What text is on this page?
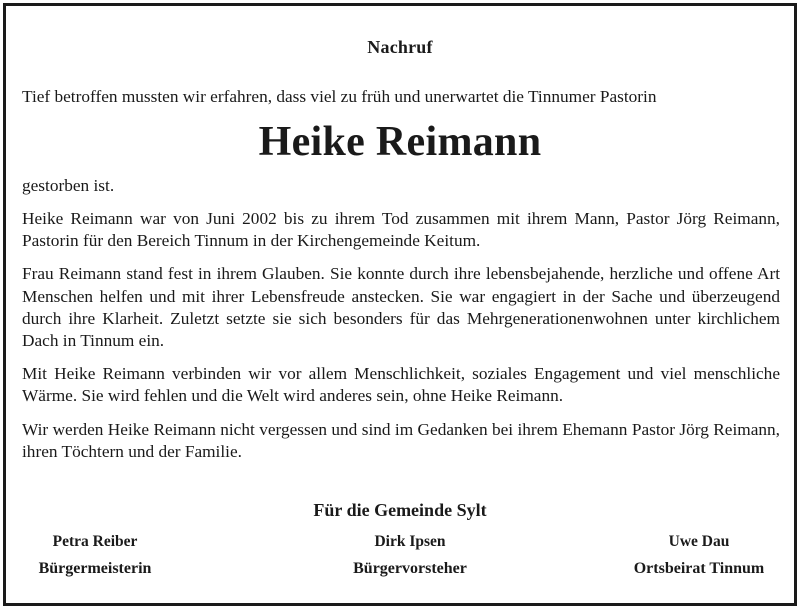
Nachruf
Tief betroffen mussten wir erfahren, dass viel zu früh und unerwartet die Tinnumer Pastorin
Heike Reimann
gestorben ist.

Heike Reimann war von Juni 2002 bis zu ihrem Tod zusammen mit ihrem Mann, Pastor Jörg Reimann, Pastorin für den Bereich Tinnum in der Kirchengemeinde Keitum.

Frau Reimann stand fest in ihrem Glauben. Sie konnte durch ihre lebensbejahende, herzliche und offene Art Menschen helfen und mit ihrer Lebensfreude anstecken. Sie war engagiert in der Sache und überzeugend durch ihre Klarheit. Zuletzt setzte sie sich besonders für das Mehrgenerationenwohnen unter kirchlichem Dach in Tinnum ein.

Mit Heike Reimann verbinden wir vor allem Menschlichkeit, soziales Engagement und viel menschliche Wärme. Sie wird fehlen und die Welt wird anderes sein, ohne Heike Reimann.

Wir werden Heike Reimann nicht vergessen und sind im Gedanken bei ihrem Ehemann Pastor Jörg Reimann, ihren Töchtern und der Familie.

Für die Gemeinde Sylt
Petra Reiber
Bürgermeisterin
Dirk Ipsen
Bürgervorsteher
Uwe Dau
Ortsbeirat Tinnum
